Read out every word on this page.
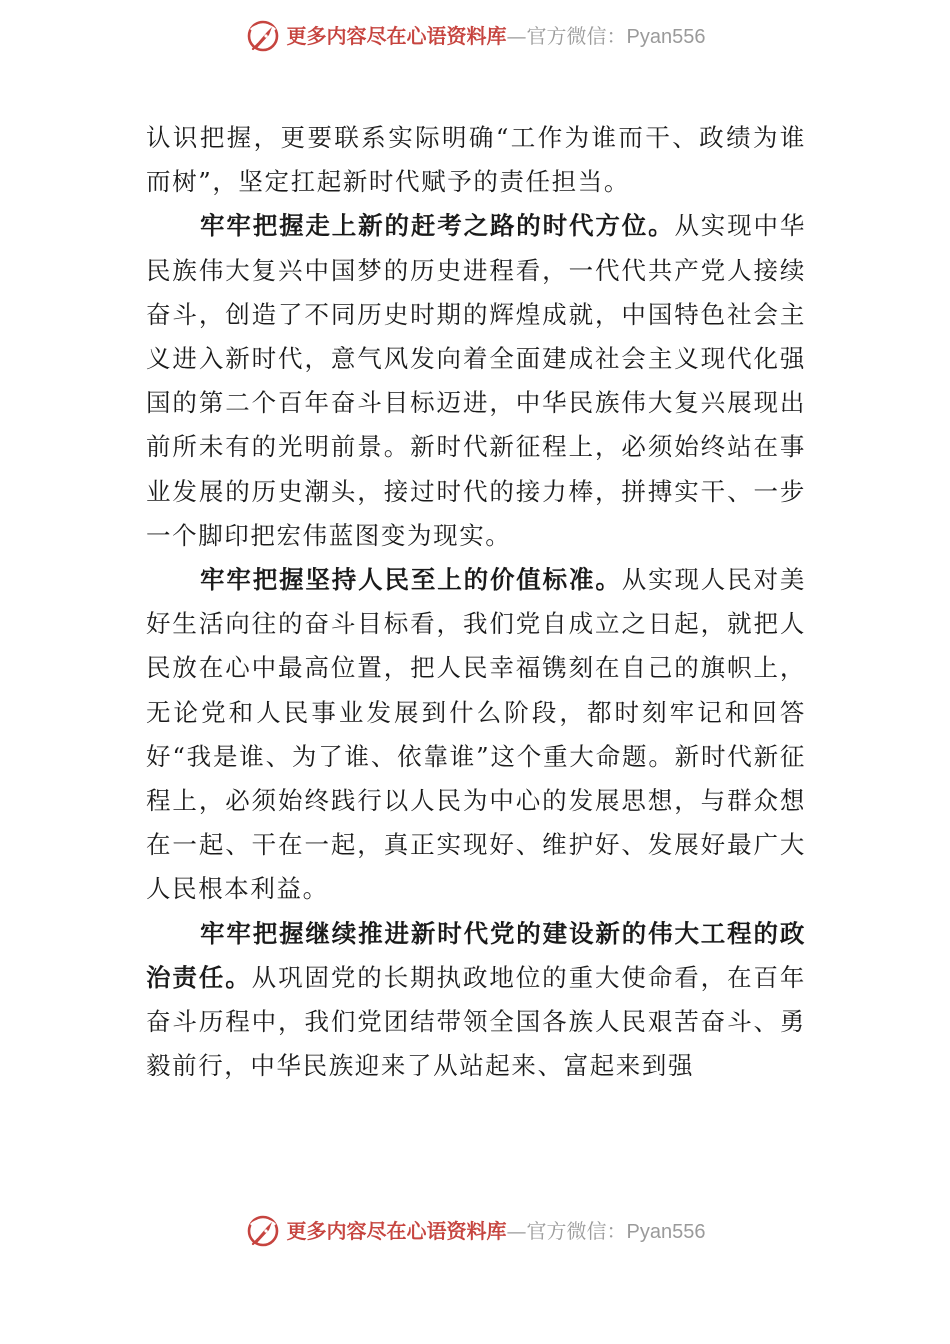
更多内容尽在心语资料库—官方微信：Pyan556

认识把握，更要联系实际明确“工作为谁而干、政绩为谁而树”，坚定扛起新时代赋予的责任担当。

牢牢把握走上新的赶考之路的时代方位。从实现中华民族伟大复兴中国梦的历史进程看，一代代共产党人接续奋斗，创造了不同历史时期的辉煌成就，中国特色社会主义进入新时代，意气风发向着全面建成社会主义现代化强国的第二个百年奋斗目标迈进，中华民族伟大复兴展现出前所未有的光明前景。新时代新征程上，必须始终站在事业发展的历史潮头，接过时代的接力棒，拼搏实干、一步一个脚印把宏伟蓝图变为现实。

牢牢把握坚持人民至上的价值标准。从实现人民对美好生活向往的奋斗目标看，我们党自成立之日起，就把人民放在心中最高位置，把人民幸福镌刻在自己的旗帜上，无论党和人民事业发展到什么阶段，都时刻牢记和回答好“我是谁、为了谁、依靠谁”这个重大命题。新时代新征程上，必须始终践行以人民为中心的发展思想，与群众想在一起、干在一起，真正实现好、维护好、发展好最广大人民根本利益。

牢牢把握继续推进新时代党的建设新的伟大工程的政治责任。从巩固党的长期执政地位的重大使命看，在百年奋斗历程中，我们党团结带领全国各族人民艰苦奋斗、勇毅前行，中华民族迎来了从站起来、富起来到强

更多内容尽在心语资料库—官方微信：Pyan556
